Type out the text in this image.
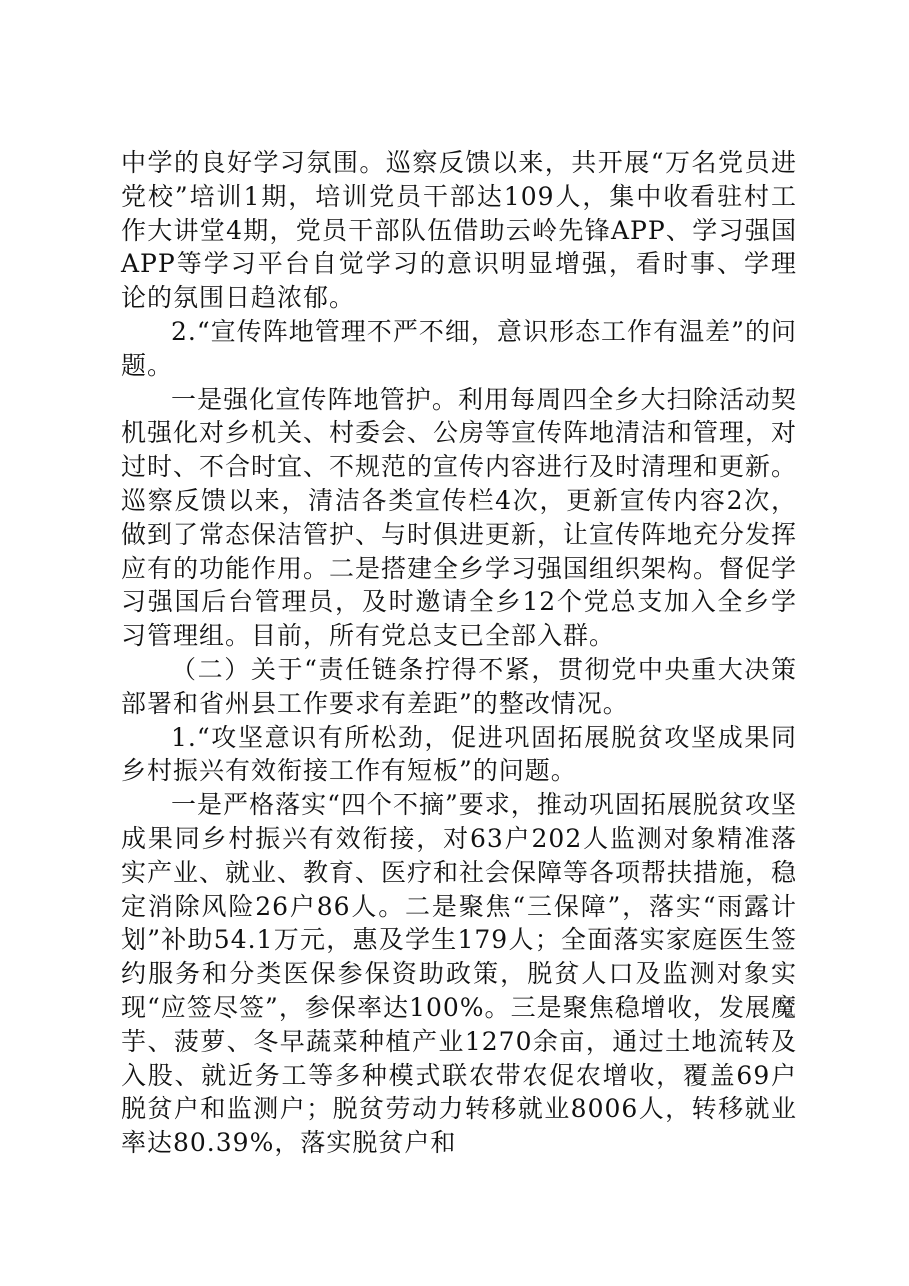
中学的良好学习氛围。巡察反馈以来，共开展“万名党员进党校”培训1期，培训党员干部达109人，集中收看驻村工作大讲堂4期，党员干部队伍借助云岭先锋APP、学习强国APP等学习平台自觉学习的意识明显增强，看时事、学理论的氛围日趋浓郁。

2.“宣传阵地管理不严不细，意识形态工作有温差”的问题。

一是强化宣传阵地管护。利用每周四全乡大扫除活动契机强化对乡机关、村委会、公房等宣传阵地清洁和管理，对过时、不合时宜、不规范的宣传内容进行及时清理和更新。巡察反馈以来，清洁各类宣传栏4次，更新宣传内容2次，做到了常态保洁管护、与时俱进更新，让宣传阵地充分发挥应有的功能作用。二是搭建全乡学习强国组织架构。督促学习强国后台管理员，及时邀请全乡12个党总支加入全乡学习管理组。目前，所有党总支已全部入群。

（二）关于“责任链条拧得不紧，贯彻党中央重大决策部署和省州县工作要求有差距”的整改情况。

1.“攻坚意识有所松劲，促进巩固拓展脱贫攻坚成果同乡村振兴有效衔接工作有短板”的问题。

一是严格落实“四个不摘”要求，推动巩固拓展脱贫攻坚成果同乡村振兴有效衔接，对63户202人监测对象精准落实产业、就业、教育、医疗和社会保障等各项帮扶措施，稳定消除风险26户86人。二是聚焦“三保障”，落实“雨露计划”补助54.1万元，惠及学生179人；全面落实家庭医生签约服务和分类医保参保资助政策，脱贫人口及监测对象实现“应签尽签”，参保率达100%。三是聚焦稳增收，发展魔芋、菠萝、冬早蔬菜种植产业1270余亩，通过土地流转及入股、就近务工等多种模式联农带农促农增收，覆盖69户脱贫户和监测户；脱贫劳动力转移就业8006人，转移就业率达80.39%，落实脱贫户和
